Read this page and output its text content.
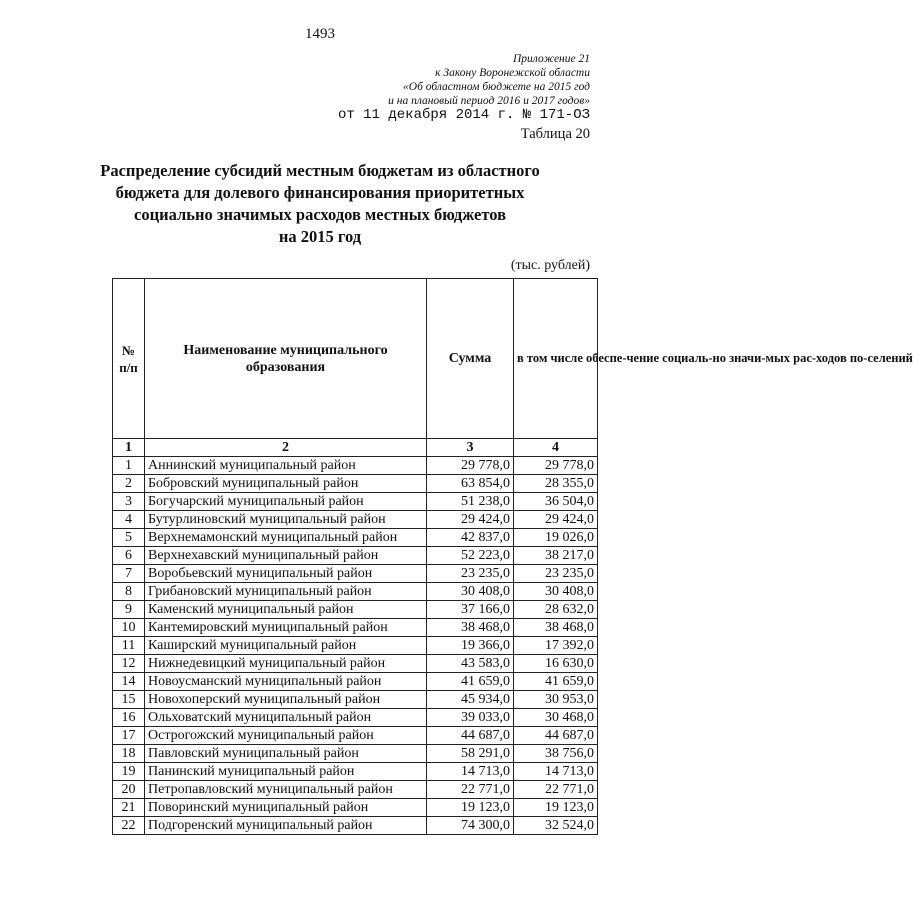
1493
Приложение 21
к Закону Воронежской области
«Об областном бюджете на 2015 год
и на плановый период 2016 и 2017 годов»
от 11 декабря 2014 г. № 171-ОЗ
Таблица 20
Распределение субсидий местным бюджетам из областного
бюджета для долевого финансирования приоритетных
социально значимых расходов местных бюджетов
на 2015 год
(тыс. рублей)
№ п/п	Наименование муниципального образования	Сумма	в том числе обеспе-чение социаль-но значи-мых рас-ходов по-селений
1	2	3	4
1	Аннинский муниципальный район	29 778,0	29 778,0
2	Бобровский муниципальный район	63 854,0	28 355,0
3	Богучарский муниципальный район	51 238,0	36 504,0
4	Бутурлиновский муниципальный район	29 424,0	29 424,0
5	Верхнемамонский муниципальный район	42 837,0	19 026,0
6	Верхнехавский муниципальный район	52 223,0	38 217,0
7	Воробьевский муниципальный район	23 235,0	23 235,0
8	Грибановский муниципальный район	30 408,0	30 408,0
9	Каменский муниципальный район	37 166,0	28 632,0
10	Кантемировский муниципальный район	38 468,0	38 468,0
11	Каширский муниципальный район	19 366,0	17 392,0
12	Нижнедевицкий муниципальный район	43 583,0	16 630,0
14	Новоусманский муниципальный район	41 659,0	41 659,0
15	Новохоперский муниципальный район	45 934,0	30 953,0
16	Ольховатский муниципальный район	39 033,0	30 468,0
17	Острогожский муниципальный район	44 687,0	44 687,0
18	Павловский муниципальный район	58 291,0	38 756,0
19	Панинский муниципальный район	14 713,0	14 713,0
20	Петропавловский муниципальный район	22 771,0	22 771,0
21	Поворинский муниципальный район	19 123,0	19 123,0
22	Подгоренский муниципальный район	74 300,0	32 524,0
